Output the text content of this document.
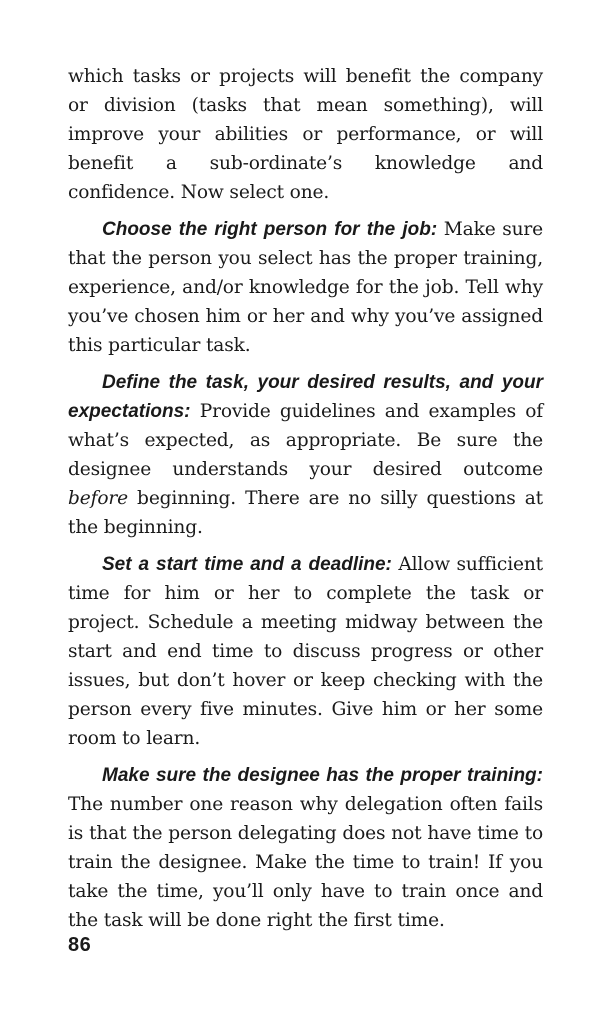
which tasks or projects will benefit the company or division (tasks that mean something), will improve your abilities or performance, or will benefit a sub-ordinate’s knowledge and confidence. Now select one.

Choose the right person for the job: Make sure that the person you select has the proper training, experience, and/or knowledge for the job. Tell why you’ve chosen him or her and why you’ve assigned this particular task.

Define the task, your desired results, and your expectations: Provide guidelines and examples of what’s expected, as appropriate. Be sure the designee understands your desired outcome before beginning. There are no silly questions at the beginning.

Set a start time and a deadline: Allow sufficient time for him or her to complete the task or project. Schedule a meeting midway between the start and end time to discuss progress or other issues, but don’t hover or keep checking with the person every five minutes. Give him or her some room to learn.

Make sure the designee has the proper training: The number one reason why delegation often fails is that the person delegating does not have time to train the designee. Make the time to train! If you take the time, you’ll only have to train once and the task will be done right the first time.

86
